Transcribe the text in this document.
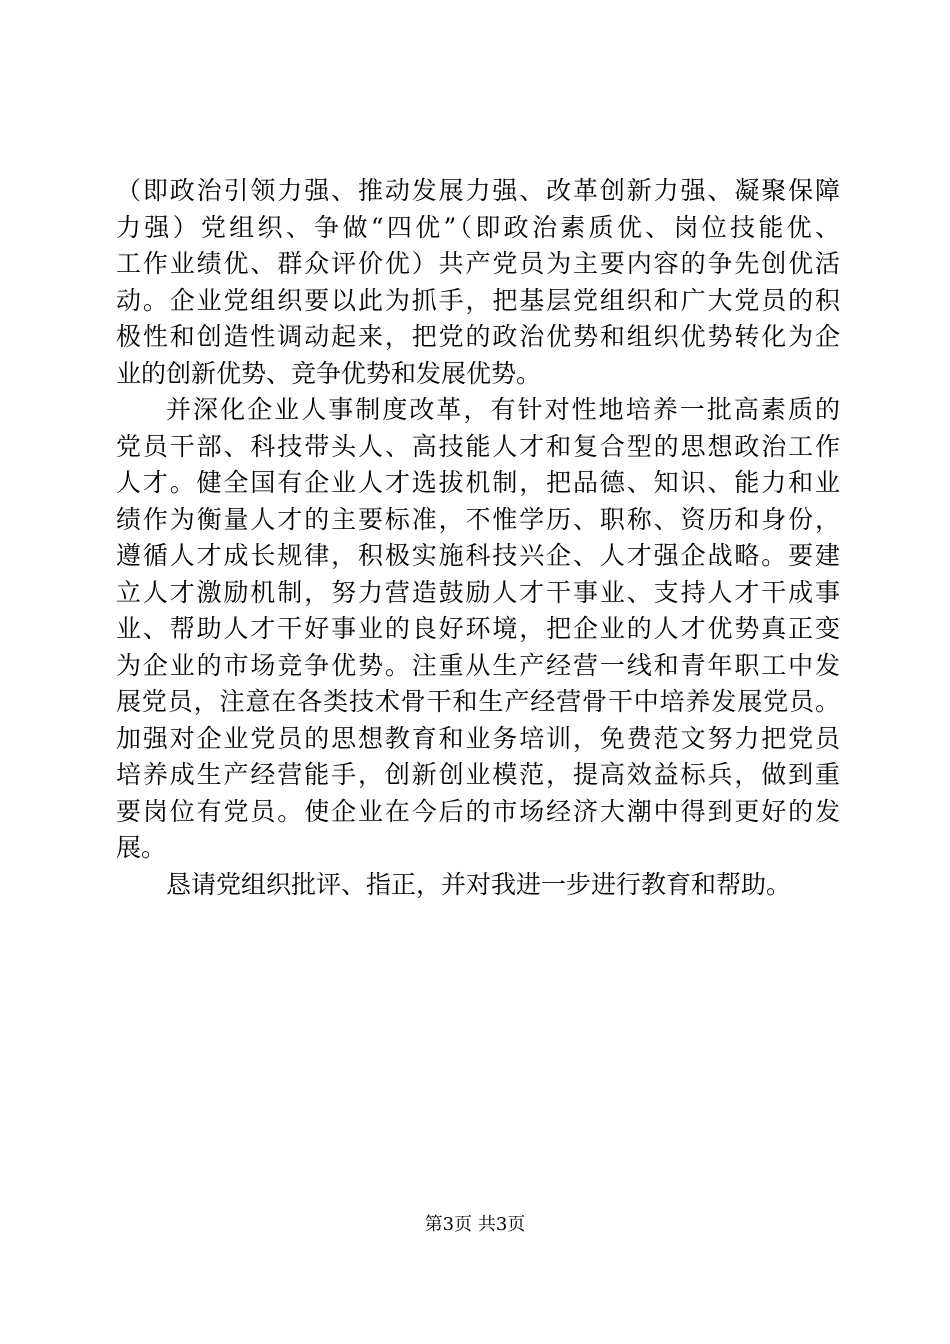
（即政治引领力强、推动发展力强、改革创新力强、凝聚保障
力强）党组织、争做“四优”（即政治素质优、岗位技能优、
工作业绩优、群众评价优）共产党员为主要内容的争先创优活
动。企业党组织要以此为抓手，把基层党组织和广大党员的积
极性和创造性调动起来，把党的政治优势和组织优势转化为企
业的创新优势、竞争优势和发展优势。
并深化企业人事制度改革，有针对性地培养一批高素质的
党员干部、科技带头人、高技能人才和复合型的思想政治工作
人才。健全国有企业人才选拔机制，把品德、知识、能力和业
绩作为衡量人才的主要标准，不惟学历、职称、资历和身份，
遵循人才成长规律，积极实施科技兴企、人才强企战略。要建
立人才激励机制，努力营造鼓励人才干事业、支持人才干成事
业、帮助人才干好事业的良好环境，把企业的人才优势真正变
为企业的市场竞争优势。注重从生产经营一线和青年职工中发
展党员，注意在各类技术骨干和生产经营骨干中培养发展党员。
加强对企业党员的思想教育和业务培训，免费范文努力把党员
培养成生产经营能手，创新创业模范，提高效益标兵，做到重
要岗位有党员。使企业在今后的市场经济大潮中得到更好的发
展。
恳请党组织批评、指正，并对我进一步进行教育和帮助。
第3页 共3页
